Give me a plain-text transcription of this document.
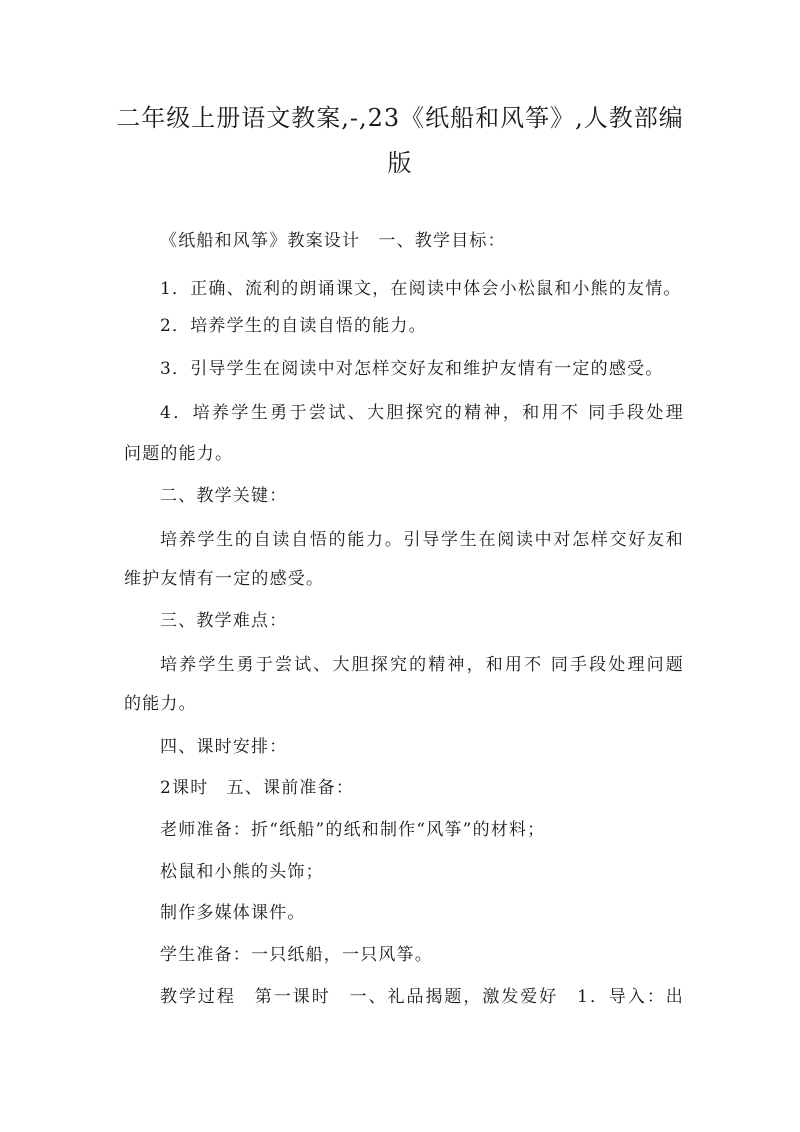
二年级上册语文教案,-,23《纸船和风筝》,人教部编
版
《纸船和风筝》教案设计　一、教学目标：
1．正确、流利的朗诵课文，在阅读中体会小松鼠和小熊的友情。
2．培养学生的自读自悟的能力。
3．引导学生在阅读中对怎样交好友和维护友情有一定的感受。
4．培养学生勇于尝试、大胆探究的精神，和用不 同手段处理
问题的能力。
二、教学关键：
培养学生的自读自悟的能力。引导学生在阅读中对怎样交好友和
维护友情有一定的感受。
三、教学难点：
培养学生勇于尝试、大胆探究的精神，和用不 同手段处理问题
的能力。
四、课时安排：
2课时　五、课前准备：
老师准备：折“纸船”的纸和制作“风筝”的材料；
松鼠和小熊的头饰；
制作多媒体课件。
学生准备：一只纸船，一只风筝。
教学过程　第一课时　一、礼品揭题，激发爱好　1．导入：出
